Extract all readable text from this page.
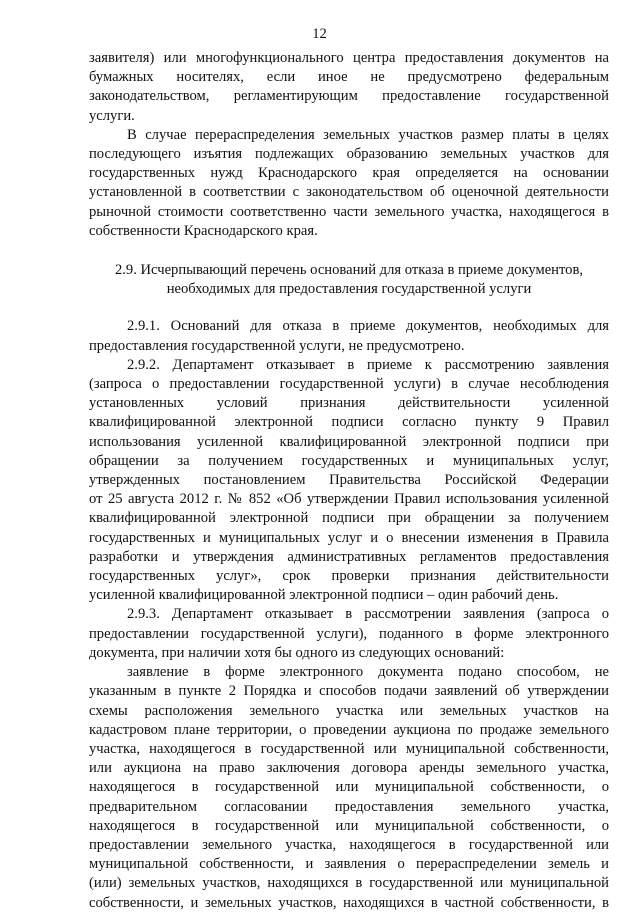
12
заявителя) или многофункционального центра предоставления документов на
бумажных носителях, если иное не предусмотрено федеральным
законодательством, регламентирующим предоставление государственной
услуги.
В случае перераспределения земельных участков размер платы в целях
последующего изъятия подлежащих образованию земельных участков для
государственных нужд Краснодарского края определяется на основании
установленной в соответствии с законодательством об оценочной деятельности
рыночной стоимости соответственно части земельного участка, находящегося в
собственности Краснодарского края.
2.9. Исчерпывающий перечень оснований для отказа в приеме документов,
необходимых для предоставления государственной услуги
2.9.1. Оснований для отказа в приеме документов, необходимых для
предоставления государственной услуги, не предусмотрено.
2.9.2. Департамент отказывает в приеме к рассмотрению заявления
(запроса о предоставлении государственной услуги) в случае несоблюдения
установленных условий признания действительности усиленной
квалифицированной электронной подписи согласно пункту 9 Правил
использования усиленной квалифицированной электронной подписи при
обращении за получением государственных и муниципальных услуг,
утвержденных постановлением Правительства Российской Федерации
от 25 августа 2012 г. № 852 «Об утверждении Правил использования усиленной
квалифицированной электронной подписи при обращении за получением
государственных и муниципальных услуг и о внесении изменения в Правила
разработки и утверждения административных регламентов предоставления
государственных услуг», срок проверки признания действительности
усиленной квалифицированной электронной подписи – один рабочий день.
2.9.3. Департамент отказывает в рассмотрении заявления (запроса о
предоставлении государственной услуги), поданного в форме электронного
документа, при наличии хотя бы одного из следующих оснований:
заявление в форме электронного документа подано способом, не
указанным в пункте 2 Порядка и способов подачи заявлений об утверждении
схемы расположения земельного участка или земельных участков на
кадастровом плане территории, о проведении аукциона по продаже земельного
участка, находящегося в государственной или муниципальной собственности,
или аукциона на право заключения договора аренды земельного участка,
находящегося в государственной или муниципальной собственности, о
предварительном согласовании предоставления земельного участка,
находящегося в государственной или муниципальной собственности, о
предоставлении земельного участка, находящегося в государственной или
муниципальной собственности, и заявления о перераспределении земель и
(или) земельных участков, находящихся в государственной или муниципальной
собственности, и земельных участков, находящихся в частной собственности, в
